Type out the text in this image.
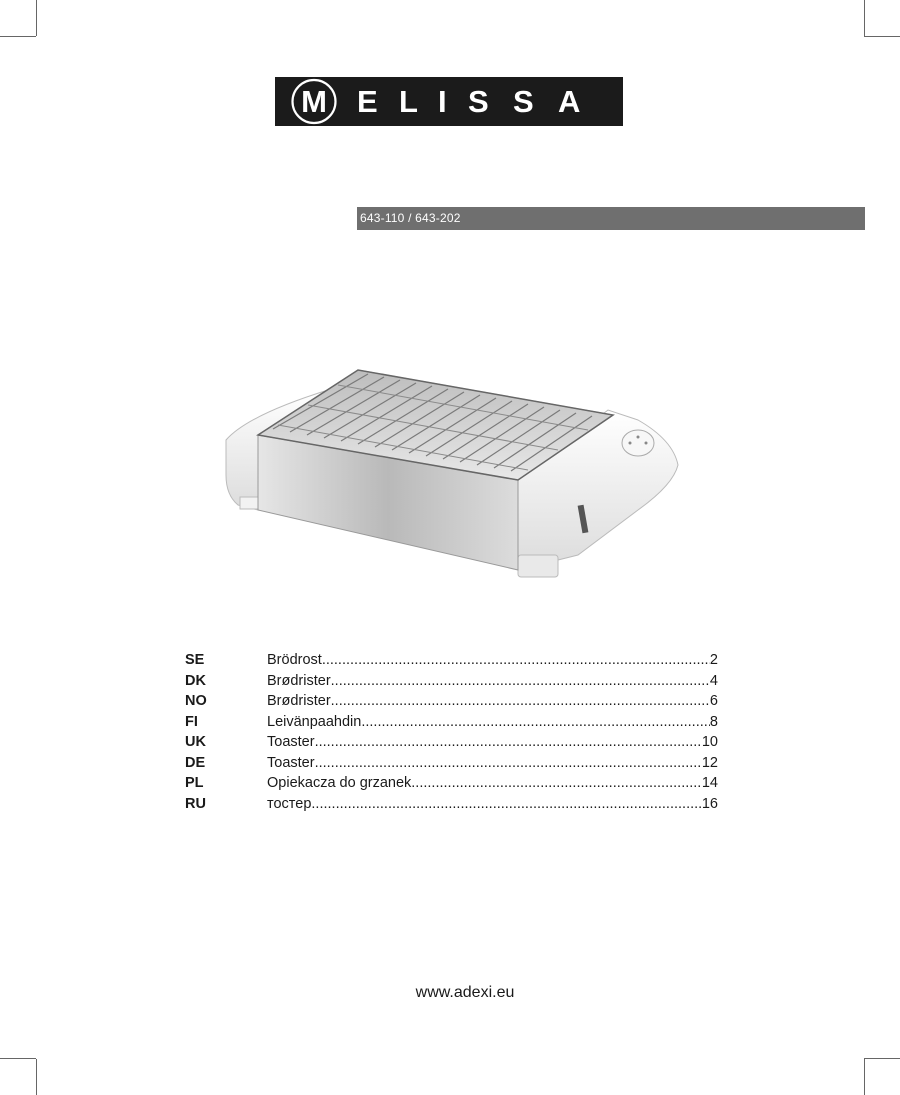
M E L I S S A
643-110 / 643-202
SE	Brödrost .....	2
DK	Brødrister .....	4
NO	Brødrister .....	6
FI	Leivänpaahdin .....	8
UK	Toaster .....	10
DE	Toaster .....	12
PL	Opiekacza do grzanek .....	14
RU	тостер .....	16
www.adexi.eu
